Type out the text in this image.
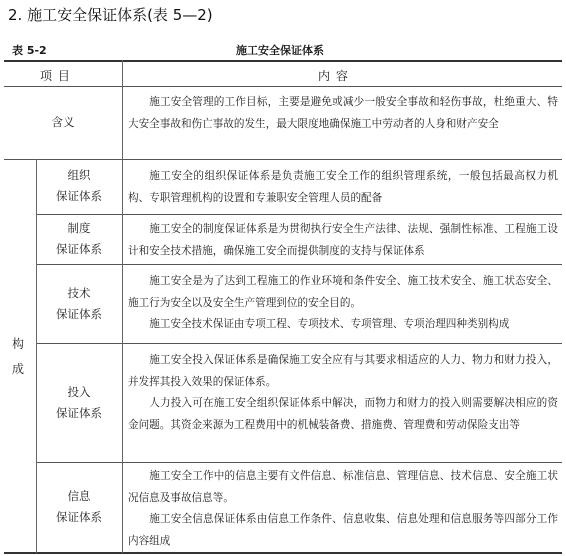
2. 施工安全保证体系(表 5—2)
表 5-2	施工安全保证体系
项 目	内 容
含义

施工安全管理的工作目标，主要是避免或减少一般安全事故和轻伤事故，杜绝重大、特大安全事故和伤亡事故的发生，最大限度地确保施工中劳动者的人身和财产安全

构
成
组织
保证体系

施工安全的组织保证体系是负责施工安全工作的组织管理系统，一般包括最高权力机构、专职管理机构的设置和专兼职安全管理人员的配备

制度
保证体系

施工安全的制度保证体系是为贯彻执行安全生产法律、法规、强制性标准、工程施工设计和安全技术措施，确保施工安全而提供制度的支持与保证体系

技术
保证体系

施工安全是为了达到工程施工的作业环境和条件安全、施工技术安全、施工状态安全、施工行为安全以及安全生产管理到位的安全目的。

施工安全技术保证由专项工程、专项技术、专项管理、专项治理四种类别构成

投入
保证体系

施工安全投入保证体系是确保施工安全应有与其要求相适应的人力、物力和财力投入，并发挥其投入效果的保证体系。

人力投入可在施工安全组织保证体系中解决，而物力和财力的投入则需要解决相应的资金问题。其资金来源为工程费用中的机械装备费、措施费、管理费和劳动保险支出等

信息
保证体系

施工安全工作中的信息主要有文件信息、标准信息、管理信息、技术信息、安全施工状况信息及事故信息等。

施工安全信息保证体系由信息工作条件、信息收集、信息处理和信息服务等四部分工作内容组成
